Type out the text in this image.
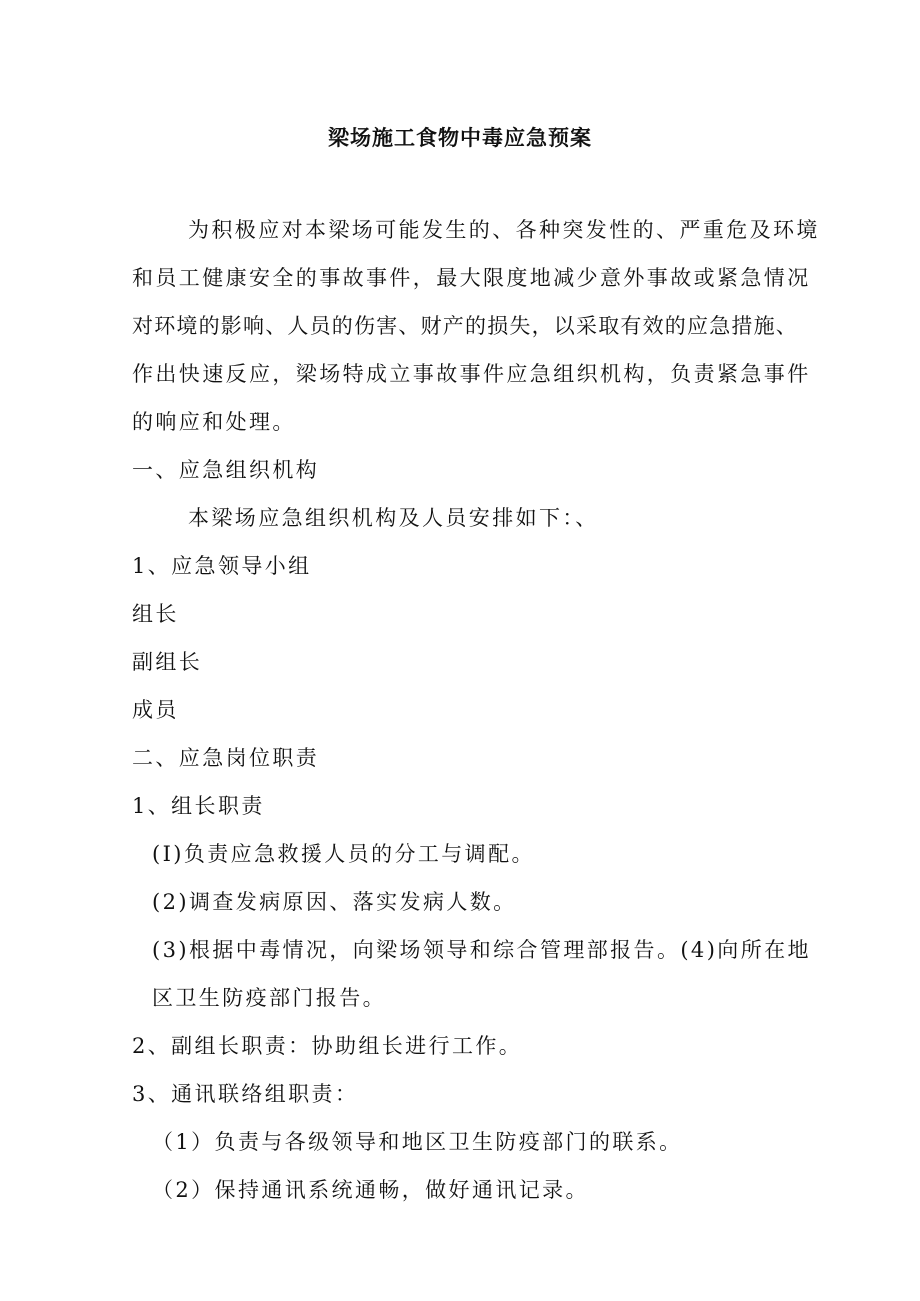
梁场施工食物中毒应急预案
为积极应对本梁场可能发生的、各种突发性的、严重危及环境
和员工健康安全的事故事件，最大限度地减少意外事故或紧急情况
对环境的影响、人员的伤害、财产的损失，以采取有效的应急措施、
作出快速反应，梁场特成立事故事件应急组织机构，负责紧急事件
的响应和处理。
一、应急组织机构
本梁场应急组织机构及人员安排如下：、
1、应急领导小组
组长
副组长
成员
二、应急岗位职责
1、组长职责
(I)负责应急救援人员的分工与调配。
(2)调查发病原因、落实发病人数。
(3)根据中毒情况，向梁场领导和综合管理部报告。(4)向所在地
区卫生防疫部门报告。
2、副组长职责：协助组长进行工作。
3、通讯联络组职责：
（1）负责与各级领导和地区卫生防疫部门的联系。
（2）保持通讯系统通畅，做好通讯记录。
